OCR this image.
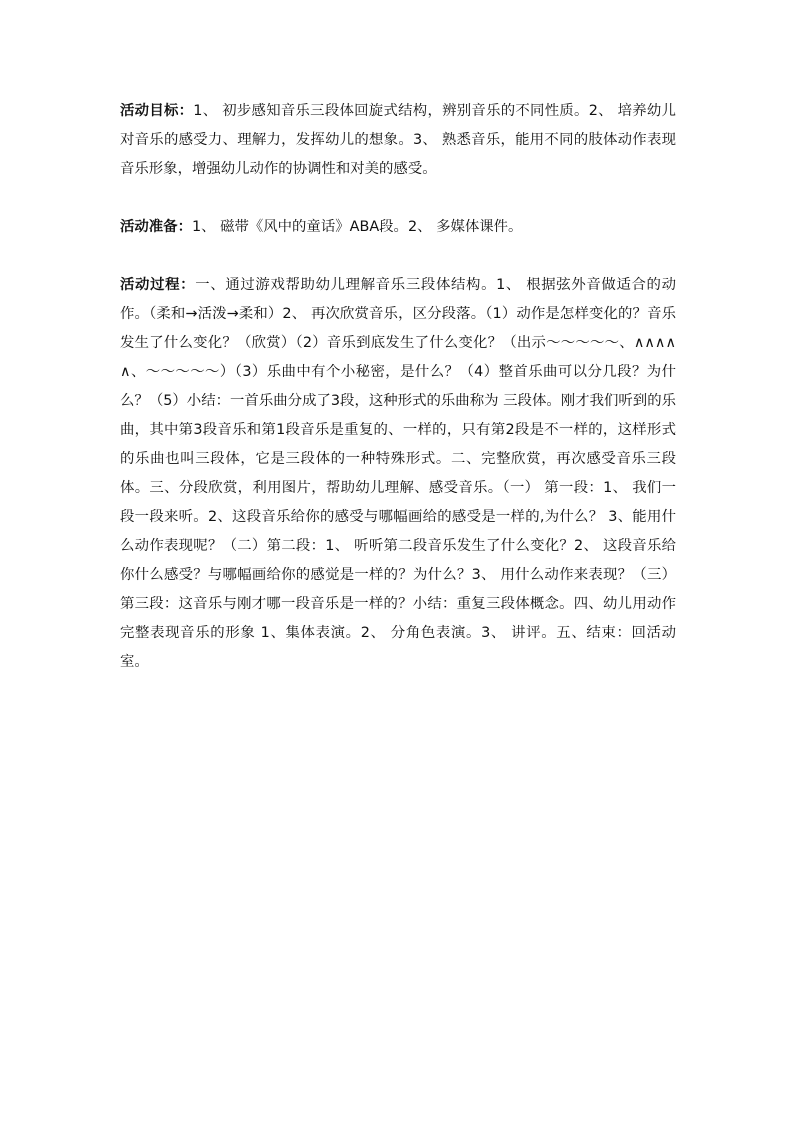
活动目标：1、 初步感知音乐三段体回旋式结构，辨别音乐的不同性质。2、 培养幼儿对音乐的感受力、理解力，发挥幼儿的想象。3、 熟悉音乐，能用不同的肢体动作表现音乐形象，增强幼儿动作的协调性和对美的感受。

活动准备：1、 磁带《风中的童话》ABA段。2、 多媒体课件。

活动过程：一、通过游戏帮助幼儿理解音乐三段体结构。1、 根据弦外音做适合的动作。（柔和→活泼→柔和）2、 再次欣赏音乐，区分段落。（1）动作是怎样变化的？音乐发生了什么变化？（欣赏）（2）音乐到底发生了什么变化？（出示～～～～～、∧∧∧∧∧、～～～～～）（3）乐曲中有个小秘密，是什么？（4）整首乐曲可以分几段？为什么？（5）小结：一首乐曲分成了3段，这种形式的乐曲称为 三段体。刚才我们听到的乐曲，其中第3段音乐和第1段音乐是重复的、一样的，只有第2段是不一样的，这样形式的乐曲也叫三段体，它是三段体的一种特殊形式。二、完整欣赏，再次感受音乐三段体。三、分段欣赏，利用图片，帮助幼儿理解、感受音乐。（一） 第一段：1、 我们一段一段来听。2、这段音乐给你的感受与哪幅画给的感受是一样的,为什么？ 3、能用什么动作表现呢？（二）第二段：1、 听听第二段音乐发生了什么变化？2、 这段音乐给你什么感受？与哪幅画给你的感觉是一样的？为什么？3、 用什么动作来表现？（三）第三段：这音乐与刚才哪一段音乐是一样的？小结：重复三段体概念。四、幼儿用动作完整表现音乐的形象 1、集体表演。2、 分角色表演。3、 讲评。五、结束：回活动室。
